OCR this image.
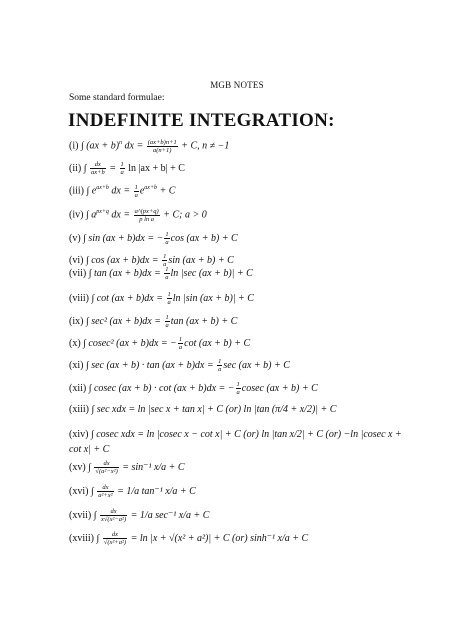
MGB NOTES
Some standard formulae:
INDEFINITE INTEGRATION:
(i) ∫ (ax + b)$^n$ dx = $\frac{(ax+b)n+1}{a(n+1)} + C$, n ≠ −1
(ii) ∫ $\frac{dx}{ax+b} = \frac{1}{a}$ ln |ax + b| + C
(iii) ∫ $e^{ax+b}$ dx = $\frac{1}{a} e^{ax+b} + C$
(iv) ∫ $a^{px+q}$ dx = $\frac{a\^{}(px+q)}{\text{p ln a}} + C$; a > 0
(v) ∫ sin (ax + b)dx = − $\frac{1}{a}$ cos (ax + b) + C
(vi) ∫ $\cos (ax + b)dx = \frac{1}{a}$ sin (ax + b) + C
(vii) ∫ $\tan (ax + b)dx = \frac{1}{a}$ ln |sec (ax + b)| + C
(viii) ∫ $\cot (ax + b)dx = \frac{1}{a}$ ln |sin (ax + b)| + C
(ix) ∫ sec² $(ax + b)dx = \frac{1}{a}$ tan (ax + b) + C
(x) ∫ cosec² (ax + b)dx = − $\frac{1}{a}$ cot (ax + b) + C
(xi) ∫ $\sec (ax + b) \cdot \tan (ax + b)dx = \frac{1}{a}$ sec (ax + b) + C
(xii) ∫ cosec (ax + b) · cot (ax + b)dx = − $\frac{1}{a}$ cosec (ax + b) + C
(xiii) ∫ sec xdx = ln |sec x + tan x| + C (or) ln |tan (π/4 + x/2)| + C
(xiv) ∫ cosec xdx = ln |cosec x − cot x| + C (or) ln |tan x/2| + C (or) −ln |cosec x + cot x| + C
(xv) ∫ $\frac{dx}{\text{√(a²−x²)}} = \sin^{-1}$ x/a + C
(xvi) ∫ $\frac{dx}{\text{a²+x²}} = 1/a$ tan⁻¹ x/a + C
(xvii) ∫ $\frac{dx}{\text{x√(x²−a²)}} = 1/a$ sec⁻¹ x/a + C
(xviii) ∫ $\frac{dx}{\text{√(x²+a²)}} = \ln |x + √(x^2 + a^2)| + C$ (or) sinh⁻¹ x/a + C
